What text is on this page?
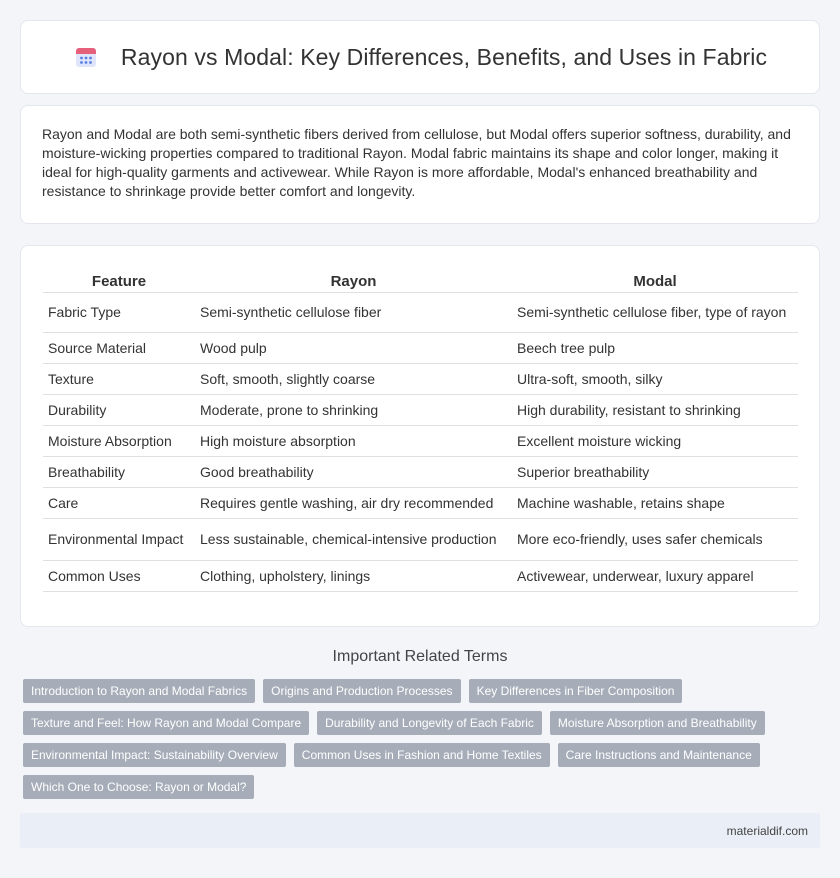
Rayon vs Modal: Key Differences, Benefits, and Uses in Fabric

Rayon and Modal are both semi-synthetic fibers derived from cellulose, but Modal offers superior softness, durability, and moisture-wicking properties compared to traditional Rayon. Modal fabric maintains its shape and color longer, making it ideal for high-quality garments and activewear. While Rayon is more affordable, Modal's enhanced breathability and resistance to shrinkage provide better comfort and longevity.

Feature	Rayon	Modal
Fabric Type	Semi-synthetic cellulose fiber	Semi-synthetic cellulose fiber, type of rayon
Source Material	Wood pulp	Beech tree pulp
Texture	Soft, smooth, slightly coarse	Ultra-soft, smooth, silky
Durability	Moderate, prone to shrinking	High durability, resistant to shrinking
Moisture Absorption	High moisture absorption	Excellent moisture wicking
Breathability	Good breathability	Superior breathability
Care	Requires gentle washing, air dry recommended	Machine washable, retains shape
Environmental Impact	Less sustainable, chemical-intensive production	More eco-friendly, uses safer chemicals
Common Uses	Clothing, upholstery, linings	Activewear, underwear, luxury apparel
Important Related Terms
Introduction to Rayon and Modal Fabrics	Origins and Production Processes	Key Differences in Fiber Composition
Texture and Feel: How Rayon and Modal Compare	Durability and Longevity of Each Fabric	Moisture Absorption and Breathability
Environmental Impact: Sustainability Overview	Common Uses in Fashion and Home Textiles	Care Instructions and Maintenance
Which One to Choose: Rayon or Modal?
materialdif.com
